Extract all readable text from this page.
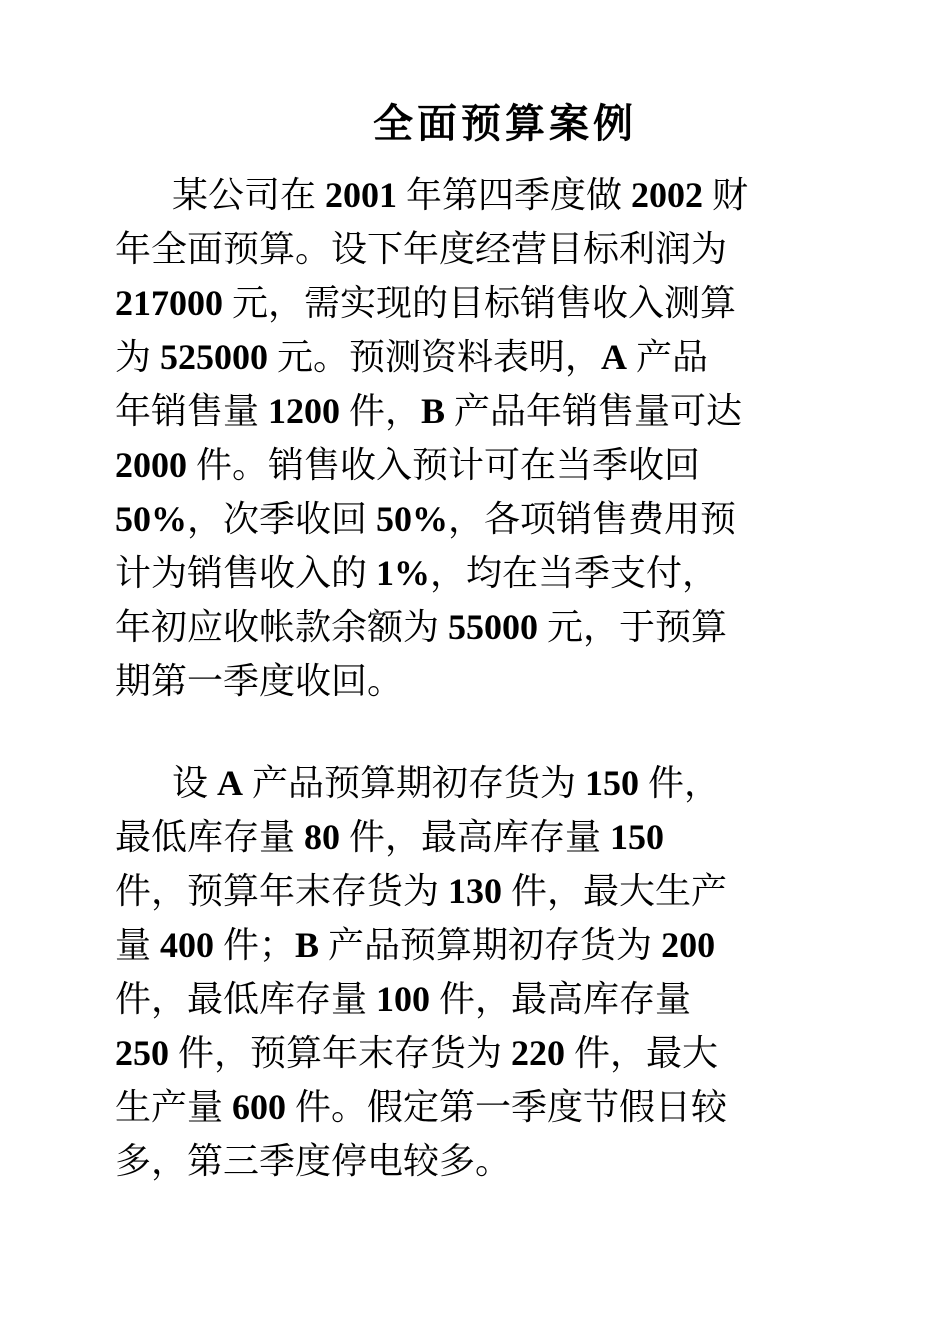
全面预算案例
某公司在 2001 年第四季度做 2002 财
年全面预算。设下年度经营目标利润为
217000 元，需实现的目标销售收入测算
为 525000 元。预测资料表明，A 产品
年销售量 1200 件，B 产品年销售量可达
2000 件。销售收入预计可在当季收回
50%，次季收回 50%，各项销售费用预
计为销售收入的 1%，均在当季支付，
年初应收帐款余额为 55000 元，于预算
期第一季度收回。
设 A 产品预算期初存货为 150 件，
最低库存量 80 件，最高库存量 150
件，预算年末存货为 130 件，最大生产
量 400 件；B 产品预算期初存货为 200
件，最低库存量 100 件，最高库存量
250 件，预算年末存货为 220 件，最大
生产量 600 件。假定第一季度节假日较
多，第三季度停电较多。
